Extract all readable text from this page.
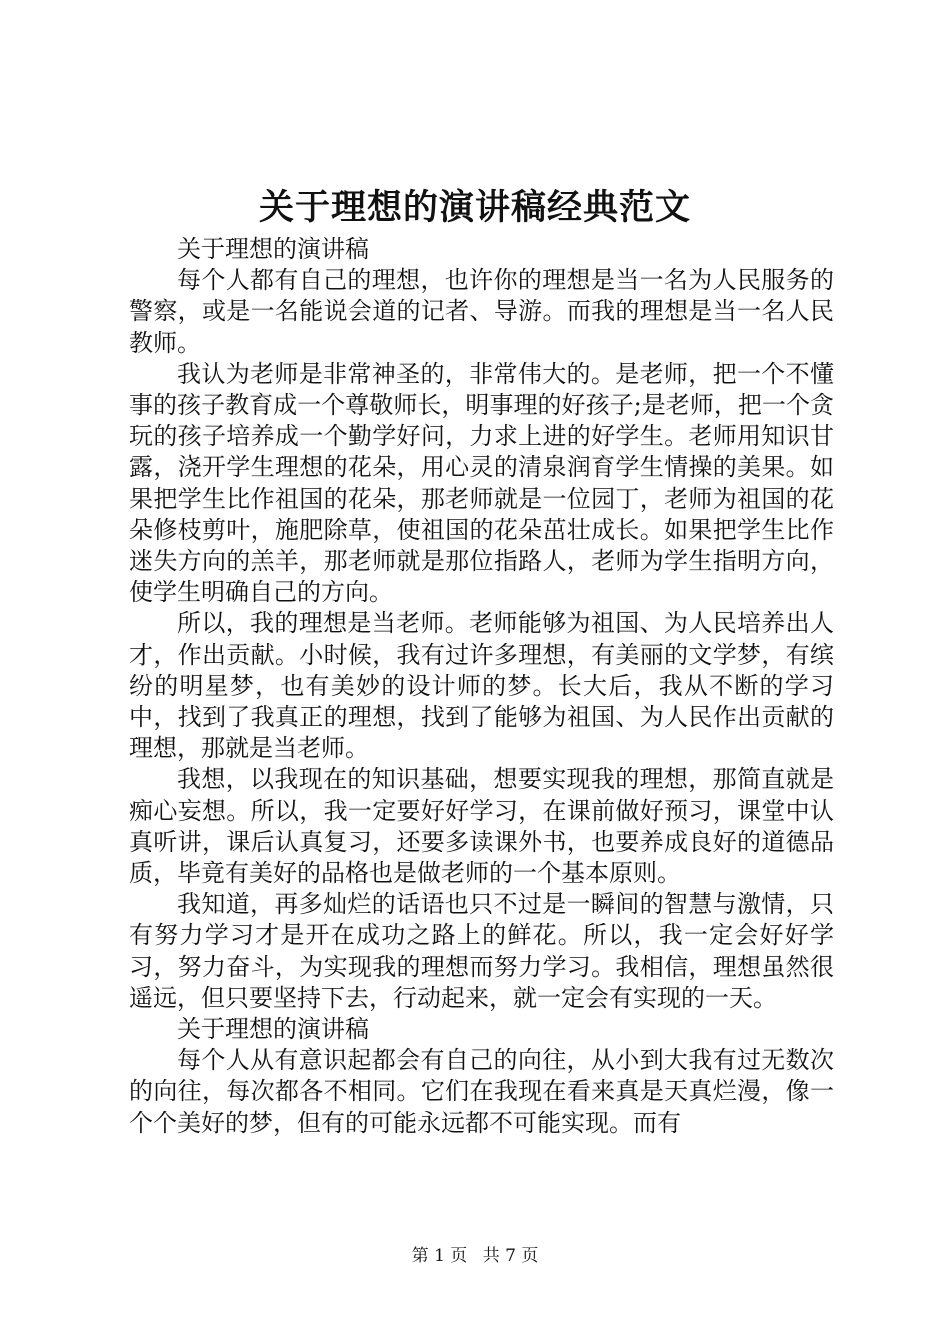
关于理想的演讲稿经典范文

关于理想的演讲稿

每个人都有自己的理想，也许你的理想是当一名为人民服务的警察，或是一名能说会道的记者、导游。而我的理想是当一名人民教师。

我认为老师是非常神圣的，非常伟大的。是老师，把一个不懂事的孩子教育成一个尊敬师长，明事理的好孩子;是老师，把一个贪玩的孩子培养成一个勤学好问，力求上进的好学生。老师用知识甘露，浇开学生理想的花朵，用心灵的清泉润育学生情操的美果。如果把学生比作祖国的花朵，那老师就是一位园丁，老师为祖国的花朵修枝剪叶，施肥除草，使祖国的花朵茁壮成长。如果把学生比作迷失方向的羔羊，那老师就是那位指路人，老师为学生指明方向，使学生明确自己的方向。

所以，我的理想是当老师。老师能够为祖国、为人民培养出人才，作出贡献。小时候，我有过许多理想，有美丽的文学梦，有缤纷的明星梦，也有美妙的设计师的梦。长大后，我从不断的学习中，找到了我真正的理想，找到了能够为祖国、为人民作出贡献的理想，那就是当老师。

我想，以我现在的知识基础，想要实现我的理想，那简直就是痴心妄想。所以，我一定要好好学习，在课前做好预习，课堂中认真听讲，课后认真复习，还要多读课外书，也要养成良好的道德品质，毕竟有美好的品格也是做老师的一个基本原则。

我知道，再多灿烂的话语也只不过是一瞬间的智慧与激情，只有努力学习才是开在成功之路上的鲜花。所以，我一定会好好学习，努力奋斗，为实现我的理想而努力学习。我相信，理想虽然很遥远，但只要坚持下去，行动起来，就一定会有实现的一天。

关于理想的演讲稿

每个人从有意识起都会有自己的向往，从小到大我有过无数次的向往，每次都各不相同。它们在我现在看来真是天真烂漫，像一个个美好的梦，但有的可能永远都不可能实现。而有

第 1 页 共 7 页
